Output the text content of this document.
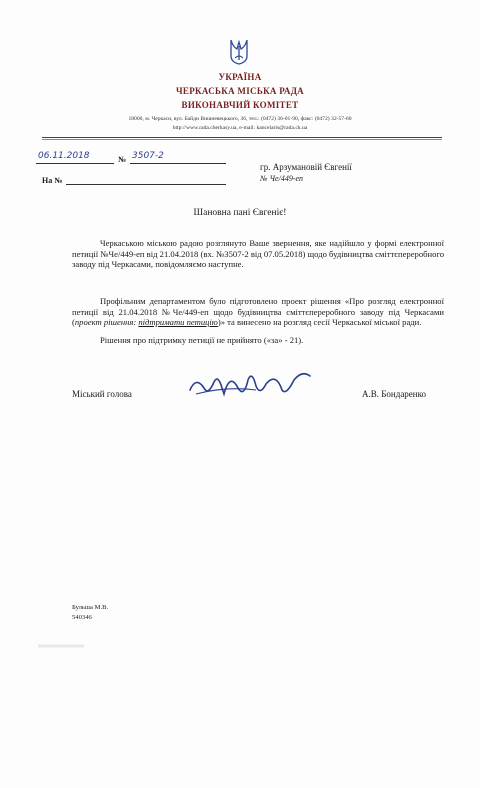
УКРАЇНА
ЧЕРКАСЬКА МІСЬКА РАДА
ВИКОНАВЧИЙ КОМІТЕТ
18000, м. Черкаси, вул. Байди Вишневецького, 36, тел.: (0472) 36-01-90, факс: (0472) 32-57-60
http://www.rada.cherkasy.ua, e-mail: kancelaris@rada.ck.ua
06.11.2018	№ 3507-2
На №
гр. Арзумановій Євгенії
№ Че/449-еп
Шановна пані Євгеніє!
Черкаською міською радою розглянуто Ваше звернення, яке надійшло у формі електронної петиції №Че/449-еп від 21.04.2018 (вх. №3507-2 від 07.05.2018) щодо будівництва сміттєпереробного заводу під Черкасами, повідомляємо наступне.
Профільним департаментом було підготовлено проект рішення «Про розгляд електронної петиції від 21.04.2018 №Че/449-еп щодо будівництва сміттєпереробного заводу під Черкасами (проект рішення: підтримати петицію)» та винесено на розгляд сесії Черкаської міської ради.
Рішення про підтримку петиції не прийнято («за» - 21).
Міський голова	А.В. Бондаренко
Бульша М.В.
540346
